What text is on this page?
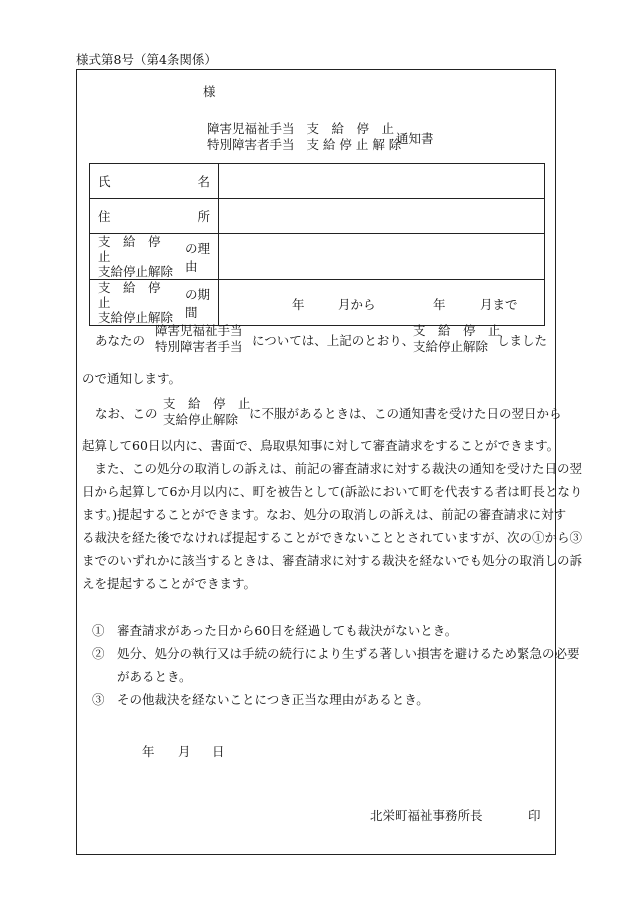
様式第8号（第4条関係）
様
障害児福祉手当 支　給　停　止
特別障害者手当 支 給 停 止 解 除
通知書
氏 名	

住 所	

支　給　停　止
支給停止解除
の理由	

支　給　停　止
支給停止解除
の期間	年 月から 年 月まで
あなたの
障害児福祉手当
特別障害者手当 については、上記のとおり、
支　給　停　止
支給停止解除 しました
ので通知します。
なお、この
支　給　停　止
支給停止解除 に不服があるときは、この通知書を受けた日の翌日から
起算して60日以内に、書面で、鳥取県知事に対して審査請求をすることができます。
　また、この処分の取消しの訴えは、前記の審査請求に対する裁決の通知を受けた日の翌
日から起算して6か月以内に、町を被告として(訴訟において町を代表する者は町長となり
ます。)提起することができます。なお、処分の取消しの訴えは、前記の審査請求に対す
る裁決を経た後でなければ提起することができないこととされていますが、次の①から③
までのいずれかに該当するときは、審査請求に対する裁決を経ないでも処分の取消しの訴
えを提起することができます。
①　審査請求があった日から60日を経過しても裁決がないとき。
②　処分、処分の執行又は手続の続行により生ずる著しい損害を避けるため緊急の必要
　　があるとき。
③　その他裁決を経ないことにつき正当な理由があるとき。
年 月 日
北栄町福祉事務所長	印
